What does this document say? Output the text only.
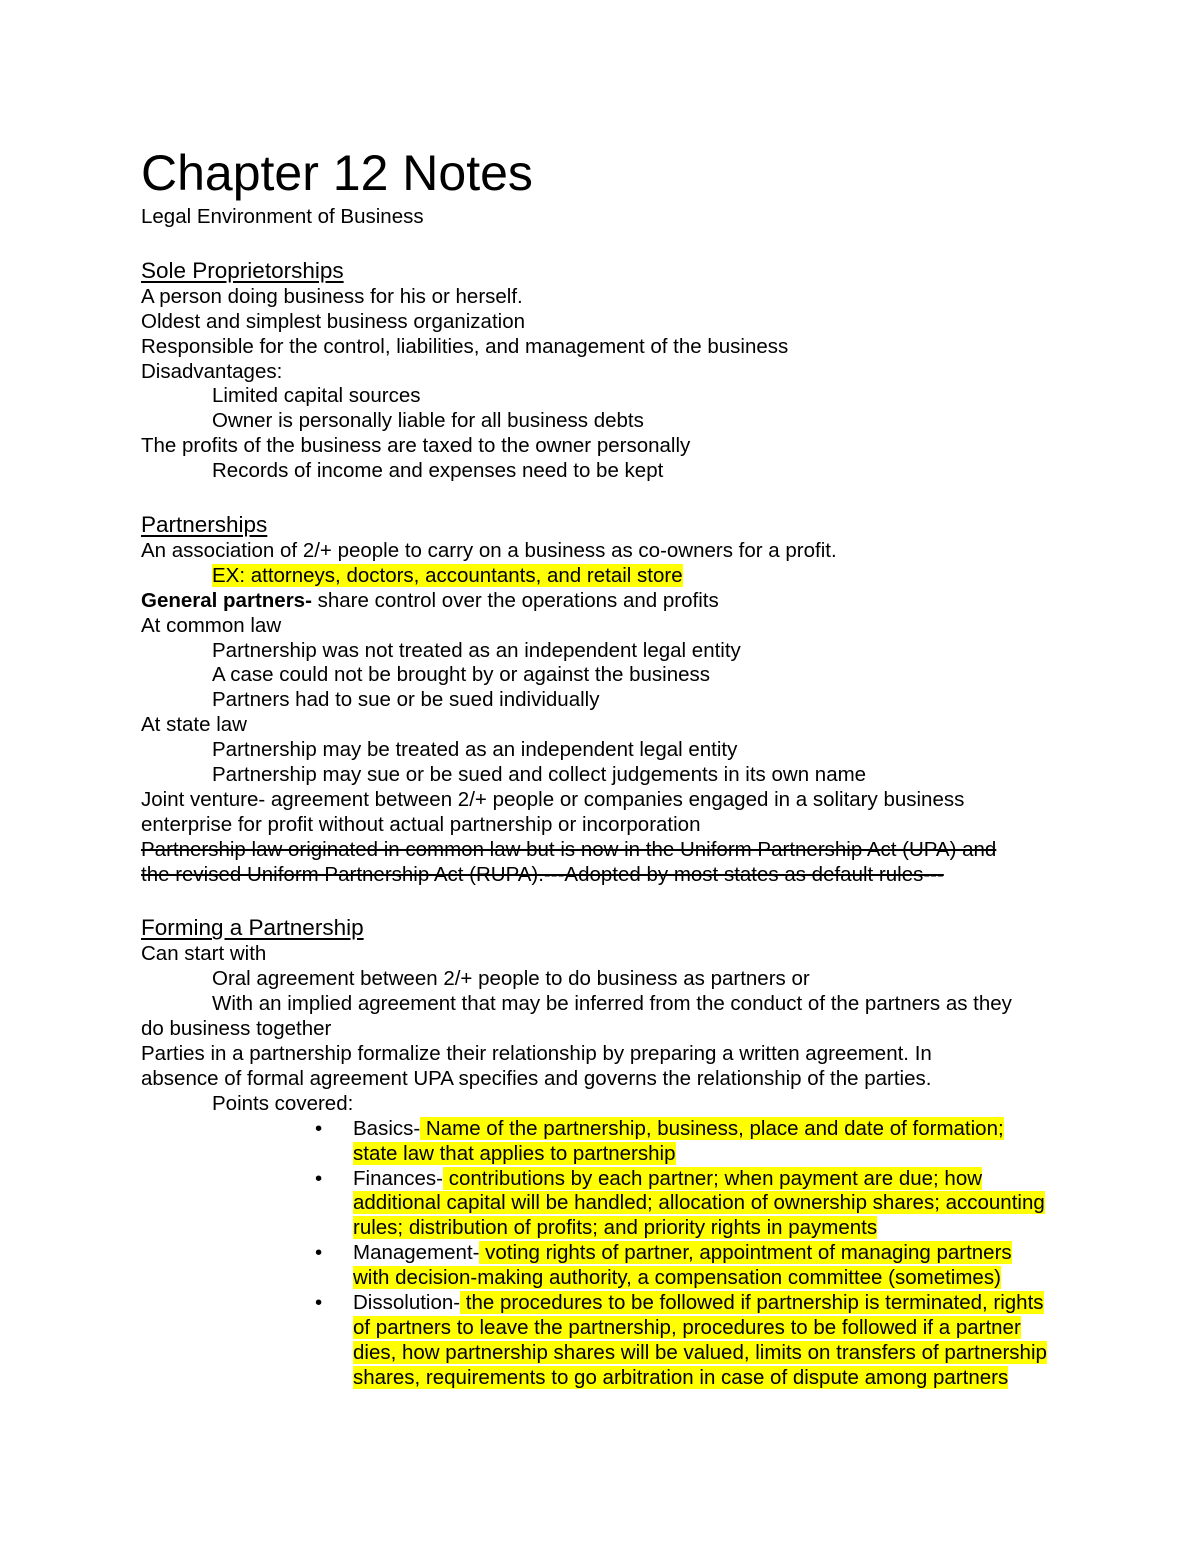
Chapter 12 Notes
Legal Environment of Business
Sole Proprietorships
A person doing business for his or herself.
Oldest and simplest business organization
Responsible for the control, liabilities, and management of the business
Disadvantages:
Limited capital sources
Owner is personally liable for all business debts
The profits of the business are taxed to the owner personally
Records of income and expenses need to be kept
Partnerships
An association of 2/+ people to carry on a business as co-owners for a profit.
EX: attorneys, doctors, accountants, and retail store
General partners- share control over the operations and profits
At common law
Partnership was not treated as an independent legal entity
A case could not be brought by or against the business
Partners had to sue or be sued individually
At state law
Partnership may be treated as an independent legal entity
Partnership may sue or be sued and collect judgements in its own name
Joint venture- agreement between 2/+ people or companies engaged in a solitary business
enterprise for profit without actual partnership or incorporation
Partnership law originated in common law but is now in the Uniform Partnership Act (UPA) and
the revised Uniform Partnership Act (RUPA).---Adopted by most states as default rules---
Forming a Partnership
Can start with
Oral agreement between 2/+ people to do business as partners or
With an implied agreement that may be inferred from the conduct of the partners as they
do business together
Parties in a partnership formalize their relationship by preparing a written agreement. In
absence of formal agreement UPA specifies and governs the relationship of the parties.
Points covered:
• Basics- Name of the partnership, business, place and date of formation; state law that applies to partnership
• Finances- contributions by each partner; when payment are due; how additional capital will be handled; allocation of ownership shares; accounting rules; distribution of profits; and priority rights in payments
• Management- voting rights of partner, appointment of managing partners with decision-making authority, a compensation committee (sometimes)
• Dissolution- the procedures to be followed if partnership is terminated, rights of partners to leave the partnership, procedures to be followed if a partner dies, how partnership shares will be valued, limits on transfers of partnership shares, requirements to go arbitration in case of dispute among partners
